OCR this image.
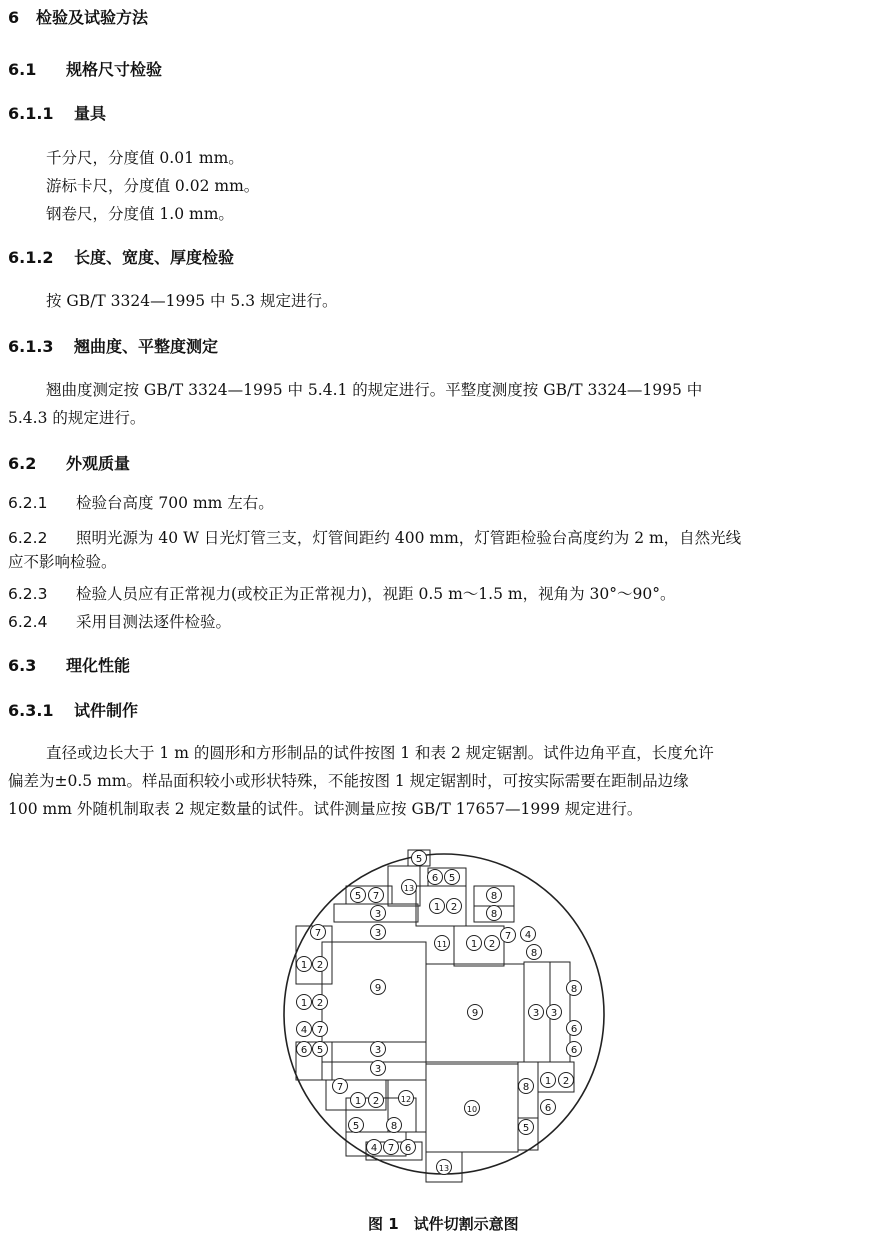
6 检验及试验方法
6.1 规格尺寸检验
6.1.1 量具
千分尺，分度值 0.01 mm。
游标卡尺，分度值 0.02 mm。
钢卷尺，分度值 1.0 mm。
6.1.2 长度、宽度、厚度检验
按 GB/T 3324—1995 中 5.3 规定进行。
6.1.3 翘曲度、平整度测定
翘曲度测定按 GB/T 3324—1995 中 5.4.1 的规定进行。平整度测度按 GB/T 3324—1995 中
5.4.3 的规定进行。
6.2 外观质量
6.2.1 检验台高度 700 mm 左右。
6.2.2 照明光源为 40 W 日光灯管三支，灯管间距约 400 mm，灯管距检验台高度约为 2 m，自然光线
应不影响检验。
6.2.3 检验人员应有正常视力(或校正为正常视力)，视距 0.5 m～1.5 m，视角为 30°～90°。
6.2.4 采用目测法逐件检验。
6.3 理化性能
6.3.1 试件制作
直径或边长大于 1 m 的圆形和方形制品的试件按图 1 和表 2 规定锯割。试件边角平直，长度允许
偏差为±0.5 mm。样品面积较小或形状特殊，不能按图 1 规定锯割时，可按实际需要在距制品边缘
100 mm 外随机制取表 2 规定数量的试件。试件测量应按 GB/T 17657—1999 规定进行。
5
13
6 5
5 7	8
3
1 2
8
7	3
11 1 2
7 4
8
1 2
9
1 2
9	3 3
8
4 7	6
6 5	3	6
3
7	8
1 2
1 2
12
10	6
5	8	5
4 7 6
13
图 1　试件切割示意图
